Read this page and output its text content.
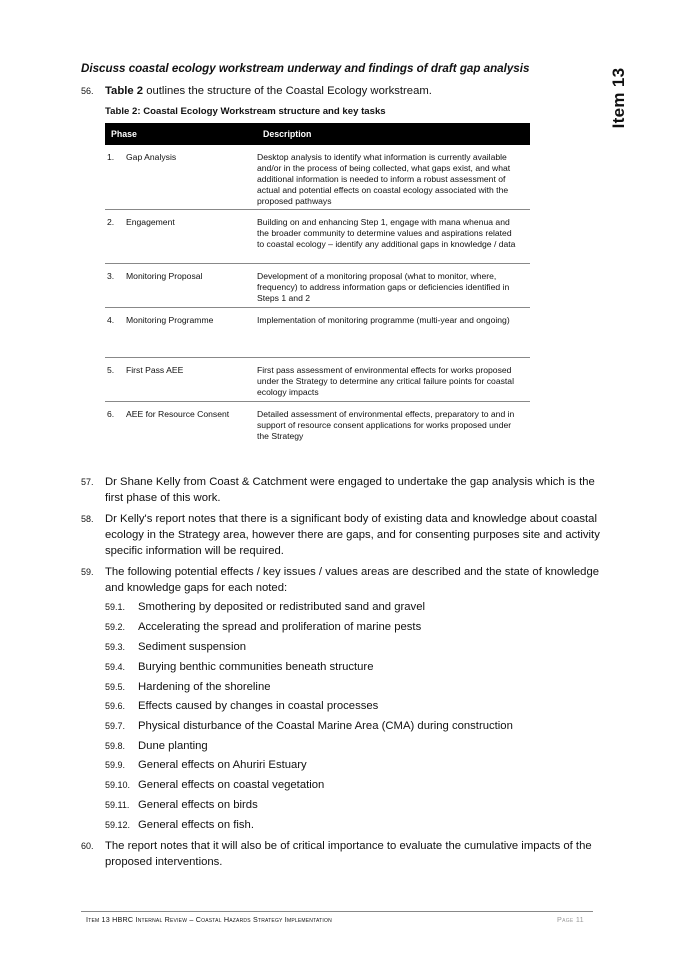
Item 13
Discuss coastal ecology workstream underway and findings of draft gap analysis
56. Table 2 outlines the structure of the Coastal Ecology workstream.
Table 2: Coastal Ecology Workstream structure and key tasks
Phase	Description
1. Gap Analysis	Desktop analysis to identify what information is currently available and/or in the process of being collected, what gaps exist, and what additional information is needed to inform a robust assessment of actual and potential effects on coastal ecology associated with the proposed pathways
2. Engagement	Building on and enhancing Step 1, engage with mana whenua and the broader community to determine values and aspirations related to coastal ecology – identify any additional gaps in knowledge / data
3. Monitoring Proposal	Development of a monitoring proposal (what to monitor, where, frequency) to address information gaps or deficiencies identified in Steps 1 and 2
4. Monitoring Programme	Implementation of monitoring programme (multi-year and ongoing)
5. First Pass AEE	First pass assessment of environmental effects for works proposed under the Strategy to determine any critical failure points for coastal ecology impacts
6. AEE for Resource Consent	Detailed assessment of environmental effects, preparatory to and in support of resource consent applications for works proposed under the Strategy
57. Dr Shane Kelly from Coast & Catchment were engaged to undertake the gap analysis which is the first phase of this work.
58. Dr Kelly's report notes that there is a significant body of existing data and knowledge about coastal ecology in the Strategy area, however there are gaps, and for consenting purposes site and activity specific information will be required.
59. The following potential effects / key issues / values areas are described and the state of knowledge and knowledge gaps for each noted:
59.1.	Smothering by deposited or redistributed sand and gravel
59.2.	Accelerating the spread and proliferation of marine pests
59.3.	Sediment suspension
59.4.	Burying benthic communities beneath structure
59.5.	Hardening of the shoreline
59.6.	Effects caused by changes in coastal processes
59.7.	Physical disturbance of the Coastal Marine Area (CMA) during construction
59.8.	Dune planting
59.9.	General effects on Ahuriri Estuary
59.10. General effects on coastal vegetation
59.11. General effects on birds
59.12. General effects on fish.
60. The report notes that it will also be of critical importance to evaluate the cumulative impacts of the proposed interventions.
Item 13 HBRC Internal Review – Coastal Hazards Strategy Implementation	Page 11
